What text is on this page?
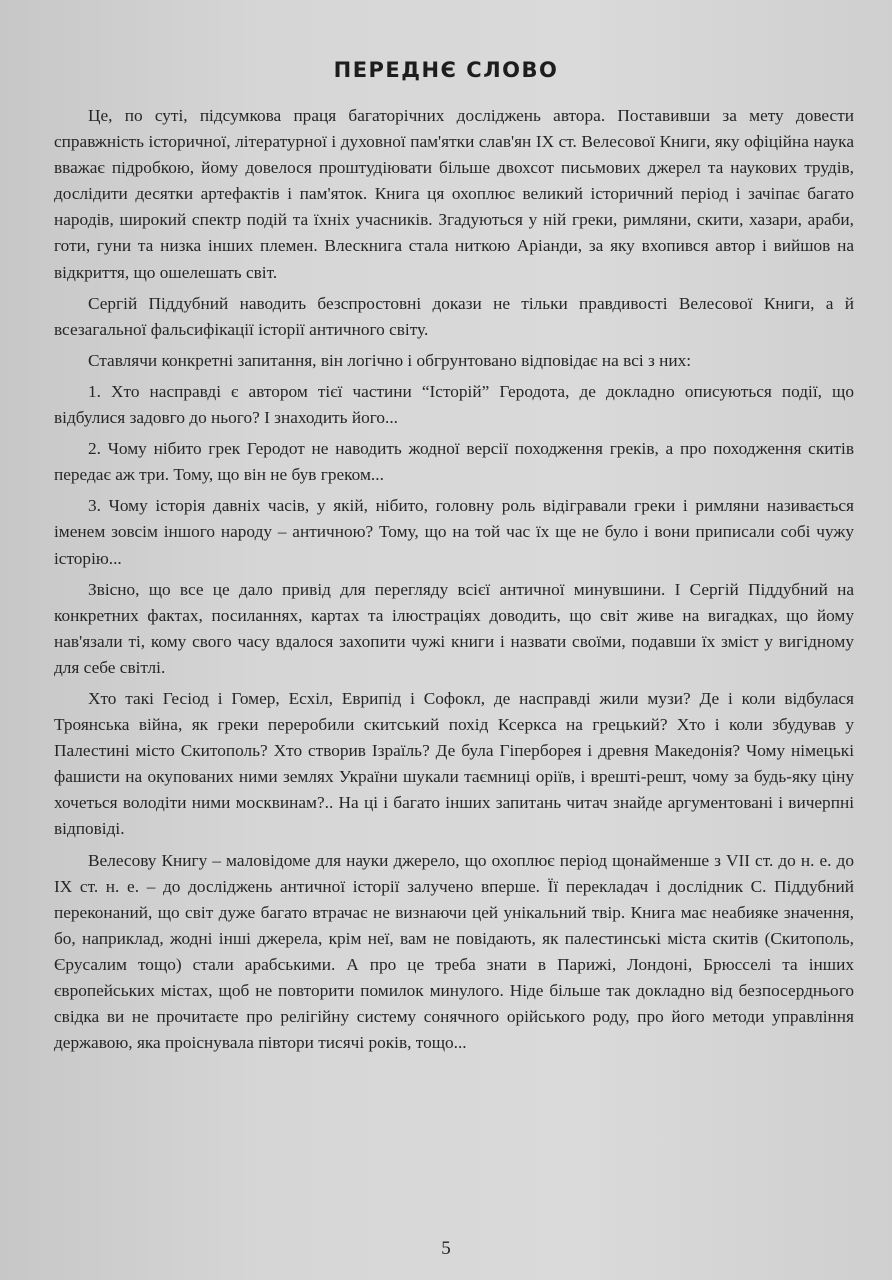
ПЕРЕДНЄ СЛОВО

Це, по суті, підсумкова праця багаторічних досліджень автора. Поставивши за мету довести справжність історичної, літературної і духовної пам'ятки слав'ян IX ст. Велесової Книги, яку офіційна наука вважає підробкою, йому довелося проштудіювати більше двохсот письмових джерел та наукових трудів, дослідити десятки артефактів і пам'яток. Книга ця охоплює великий історичний період і зачіпає багато народів, широкий спектр подій та їхніх учасників. Згадуються у ній греки, римляни, скити, хазари, араби, готи, гуни та низка інших племен. Влескнига стала ниткою Аріанди, за яку вхопився автор і вийшов на відкриття, що ошелешать світ.

Сергій Піддубний наводить безспростовні докази не тільки правдивості Велесової Книги, а й всезагальної фальсифікації історії античного світу.

Ставлячи конкретні запитання, він логічно і обгрунтовано відповідає на всі з них:

1. Хто насправді є автором тієї частини “Історій” Геродота, де докладно описуються події, що відбулися задовго до нього? І знаходить його...

2. Чому нібито грек Геродот не наводить жодної версії походження греків, а про походження скитів передає аж три. Тому, що він не був греком...

3. Чому історія давніх часів, у якій, нібито, головну роль відігравали греки і римляни називається іменем зовсім іншого народу – античною? Тому, що на той час їх ще не було і вони приписали собі чужу історію...

Звісно, що все це дало привід для перегляду всієї античної минувшини. І Сергій Піддубний на конкретних фактах, посиланнях, картах та ілюстраціях доводить, що світ живе на вигадках, що йому нав'язали ті, кому свого часу вдалося захопити чужі книги і назвати своїми, подавши їх зміст у вигідному для себе світлі.

Хто такі Гесіод і Гомер, Есхіл, Еврипід і Софокл, де насправді жили музи? Де і коли відбулася Троянська війна, як греки переробили скитський похід Ксеркса на грецький? Хто і коли збудував у Палестині місто Скитополь? Хто створив Ізраїль? Де була Гіперборея і древня Македонія? Чому німецькі фашисти на окупованих ними землях України шукали таємниці оріїв, і врешті-решт, чому за будь-яку ціну хочеться володіти ними москвинам?.. На ці і багато інших запитань читач знайде аргументовані і вичерпні відповіді.

Велесову Книгу – маловідоме для науки джерело, що охоплює період щонайменше з VII ст. до н. е. до IX ст. н. е. – до досліджень античної історії залучено вперше. Її перекладач і дослідник С. Піддубний переконаний, що світ дуже багато втрачає не визнаючи цей унікальний твір. Книга має неабияке значення, бо, наприклад, жодні інші джерела, крім неї, вам не повідають, як палестинські міста скитів (Скитополь, Єрусалим тощо) стали арабськими. А про це треба знати в Парижі, Лондоні, Брюсселі та інших європейських містах, щоб не повторити помилок минулого. Ніде більше так докладно від безпосерднього свідка ви не прочитаєте про релігійну систему сонячного орійського роду, про його методи управління державою, яка проіснувала півтори тисячі років, тощо...

5
